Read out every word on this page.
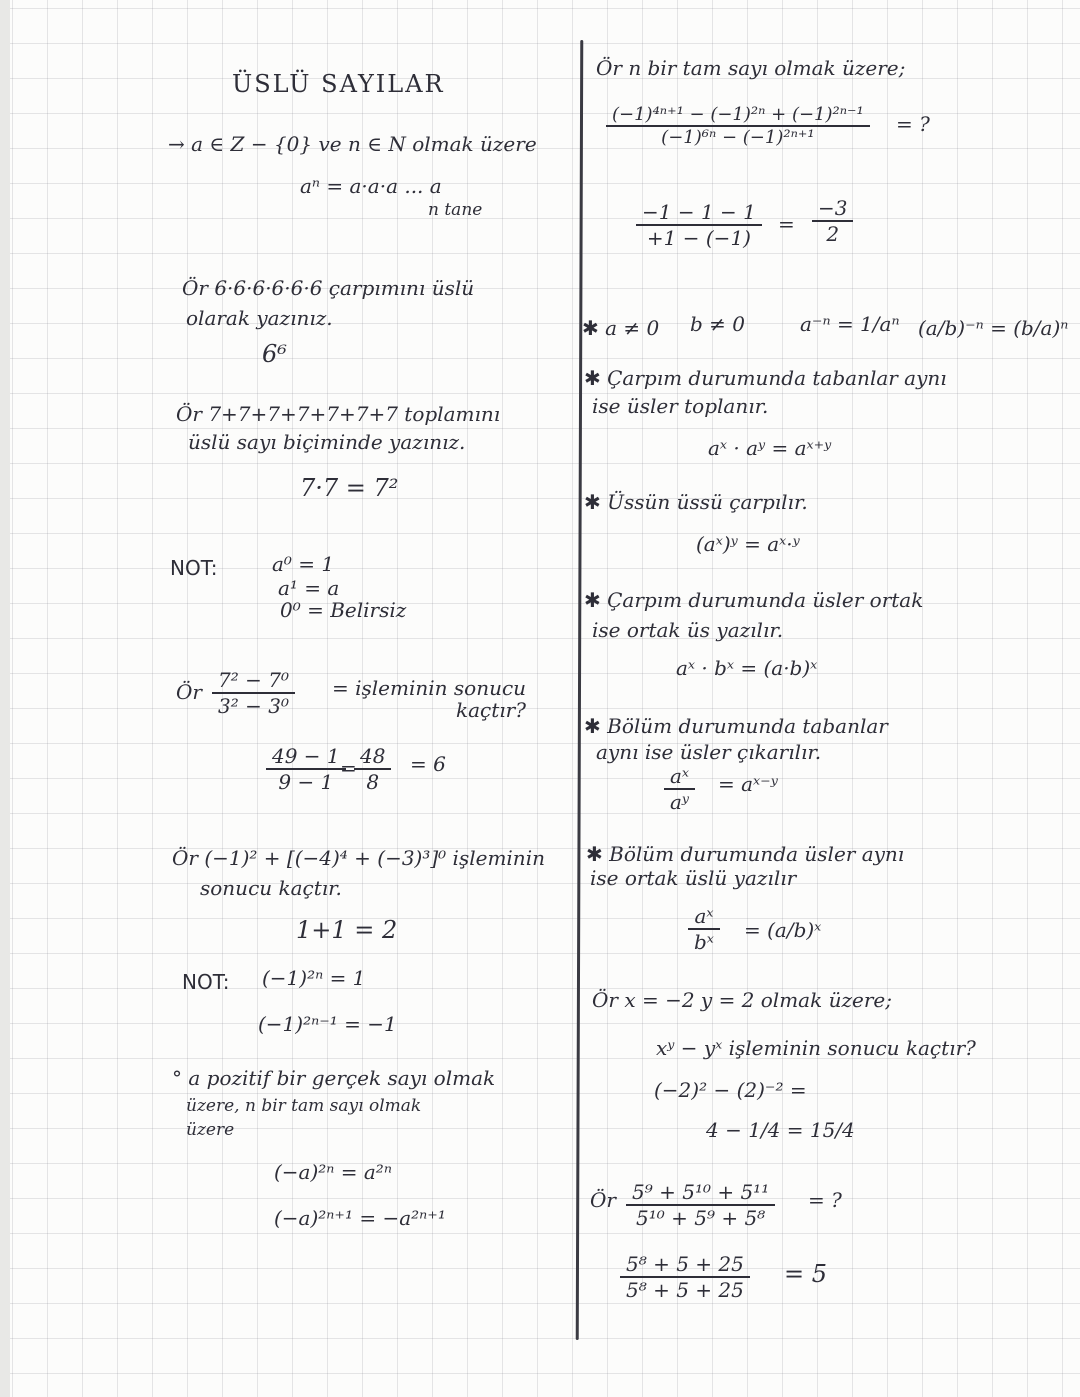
ÜSLÜ SAYILAR
→ a ∈ Z − {0} ve n ∈ N olmak üzere
aⁿ = a·a·a ... a
n tane
Ör 6·6·6·6·6·6 çarpımını üslü
olarak yazınız.
6⁶
Ör 7+7+7+7+7+7+7 toplamını
üslü sayı biçiminde yazınız.
7·7 = 7²
NOT:	a⁰ = 1
a¹ = a
0⁰ = Belirsiz
Ör $\frac{\text{7² − 7⁰}}{\text{3² − 3⁰}}$ = işleminin sonucu
kaçtır?
$\frac{49 - 1}{9 - 1}$
=
$\frac{48}{8} = 6$
Ör (−1)² + [(−4)⁴ + (−3)³]⁰ işleminin
sonucu kaçtır.
1+1 = 2
NOT: (−1)²ⁿ = 1
(−1)²ⁿ⁻¹ = −1
° a pozitif bir gerçek sayı olmak
üzere, n bir tam sayı olmak
üzere
(−a)²ⁿ = a²ⁿ
(−a)²ⁿ⁺¹ = −a²ⁿ⁺¹
Ör n bir tam sayı olmak üzere;
$\frac{\text{(−1)⁴ⁿ⁺¹ − (−1)²ⁿ + (−1)²ⁿ⁻¹}}{\text{(−1)⁶ⁿ − (−1)²ⁿ⁺¹}}$ = ?
$\frac{-1 - 1 - 1}{+1 - (-1)} = \frac{-3}{2}$
✱ a ≠ 0 b ≠ 0	a⁻ⁿ = 1/aⁿ (a/b)⁻ⁿ = (b/a)ⁿ
✱ Çarpım durumunda tabanlar aynı
ise üsler toplanır.
aˣ · aʸ = aˣ⁺ʸ
✱ Üssün üssü çarpılır.
(aˣ)ʸ = aˣ·ʸ
✱ Çarpım durumunda üsler ortak
ise ortak üs yazılır.
aˣ · bˣ = (a·b)ˣ
✱ Bölüm durumunda tabanlar
aynı ise üsler çıkarılır.
$\frac{\text{aˣ}}{\text{aʸ}}$ = aˣ⁻ʸ
✱ Bölüm durumunda üsler aynı
ise ortak üslü yazılır
$\frac{\text{aˣ}}{\text{bˣ}}$ = (a/b)ˣ
Ör x = −2 y = 2 olmak üzere;
xʸ − yˣ işleminin sonucu kaçtır?
(−2)² − (2)⁻² =
4 − 1/4 = 15/4
Ör $\frac{\text{5⁹ + 5¹⁰ + 5¹¹}}{\text{5¹⁰ + 5⁹ + 5⁸}}$ = ?
$\frac{\text{5⁸ + 5 + 25}}{\text{5⁸ + 5 + 25}} = 5$
